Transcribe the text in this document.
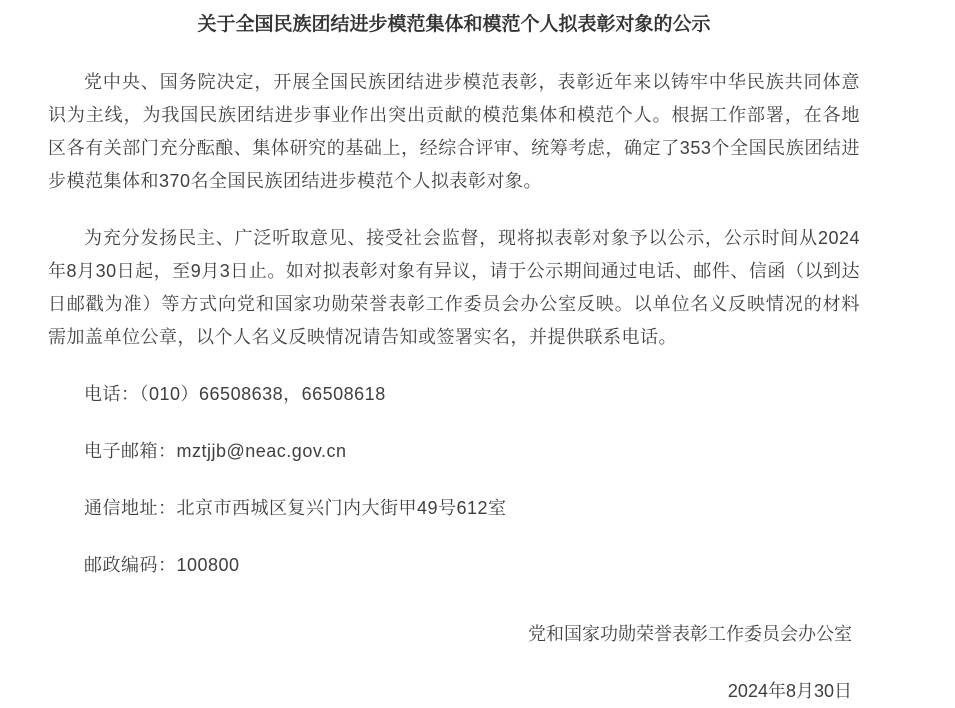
关于全国民族团结进步模范集体和模范个人拟表彰对象的公示

党中央、国务院决定，开展全国民族团结进步模范表彰，表彰近年来以铸牢中华民族共同体意识为主线，为我国民族团结进步事业作出突出贡献的模范集体和模范个人。根据工作部署，在各地区各有关部门充分酝酿、集体研究的基础上，经综合评审、统筹考虑，确定了353个全国民族团结进步模范集体和370名全国民族团结进步模范个人拟表彰对象。

为充分发扬民主、广泛听取意见、接受社会监督，现将拟表彰对象予以公示，公示时间从2024年8月30日起，至9月3日止。如对拟表彰对象有异议，请于公示期间通过电话、邮件、信函（以到达日邮戳为准）等方式向党和国家功勋荣誉表彰工作委员会办公室反映。以单位名义反映情况的材料需加盖单位公章，以个人名义反映情况请告知或签署实名，并提供联系电话。

电话：（010）66508638，66508618

电子邮箱：mztjjb@neac.gov.cn

通信地址：北京市西城区复兴门内大街甲49号612室

邮政编码：100800

党和国家功勋荣誉表彰工作委员会办公室

2024年8月30日
